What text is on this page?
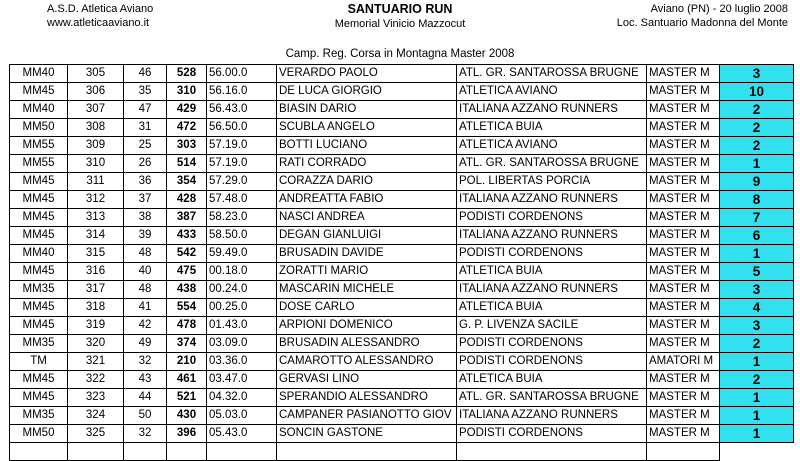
A.S.D. Atletica Aviano
www.atleticaaviano.it
SANTUARIO RUN
Memorial Vinicio Mazzocut
Aviano (PN) - 20 luglio 2008
Loc. Santuario Madonna del Monte
Camp. Reg. Corsa in Montagna Master 2008
MM40	305	46	528	56.00.0	VERARDO PAOLO	ATL. GR. SANTAROSSA BRUGNE	MASTER M	3
MM45	306	35	310	56.16.0	DE LUCA GIORGIO	ATLETICA AVIANO	MASTER M	10
MM40	307	47	429	56.43.0	BIASIN DARIO	ITALIANA AZZANO RUNNERS	MASTER M	2
MM50	308	31	472	56.50.0	SCUBLA ANGELO	ATLETICA BUIA	MASTER M	2
MM55	309	25	303	57.19.0	BOTTI LUCIANO	ATLETICA AVIANO	MASTER M	2
MM55	310	26	514	57.19.0	RATI CORRADO	ATL. GR. SANTAROSSA BRUGNE	MASTER M	1
MM45	311	36	354	57.29.0	CORAZZA DARIO	POL. LIBERTAS PORCIA	MASTER M	9
MM45	312	37	428	57.48.0	ANDREATTA FABIO	ITALIANA AZZANO RUNNERS	MASTER M	8
MM45	313	38	387	58.23.0	NASCI ANDREA	PODISTI CORDENONS	MASTER M	7
MM45	314	39	433	58.50.0	DEGAN GIANLUIGI	ITALIANA AZZANO RUNNERS	MASTER M	6
MM40	315	48	542	59.49.0	BRUSADIN DAVIDE	PODISTI CORDENONS	MASTER M	1
MM45	316	40	475	00.18.0	ZORATTI MARIO	ATLETICA BUIA	MASTER M	5
MM35	317	48	438	00.24.0	MASCARIN MICHELE	ITALIANA AZZANO RUNNERS	MASTER M	3
MM45	318	41	554	00.25.0	DOSE CARLO	ATLETICA BUIA	MASTER M	4
MM45	319	42	478	01.43.0	ARPIONI DOMENICO	G. P. LIVENZA SACILE	MASTER M	3
MM35	320	49	374	03.09.0	BRUSADIN ALESSANDRO	PODISTI CORDENONS	MASTER M	2
TM	321	32	210	03.36.0	CAMAROTTO ALESSANDRO	PODISTI CORDENONS	AMATORI M	1
MM45	322	43	461	03.47.0	GERVASI LINO	ATLETICA BUIA	MASTER M	2
MM45	323	44	521	04.32.0	SPERANDIO ALESSANDRO	ATL. GR. SANTAROSSA BRUGNE	MASTER M	1
MM35	324	50	430	05.03.0	CAMPANER PASIANOTTO GIOV	ITALIANA AZZANO RUNNERS	MASTER M	1
MM50	325	32	396	05.43.0	SONCIN GASTONE	PODISTI CORDENONS	MASTER M	1
